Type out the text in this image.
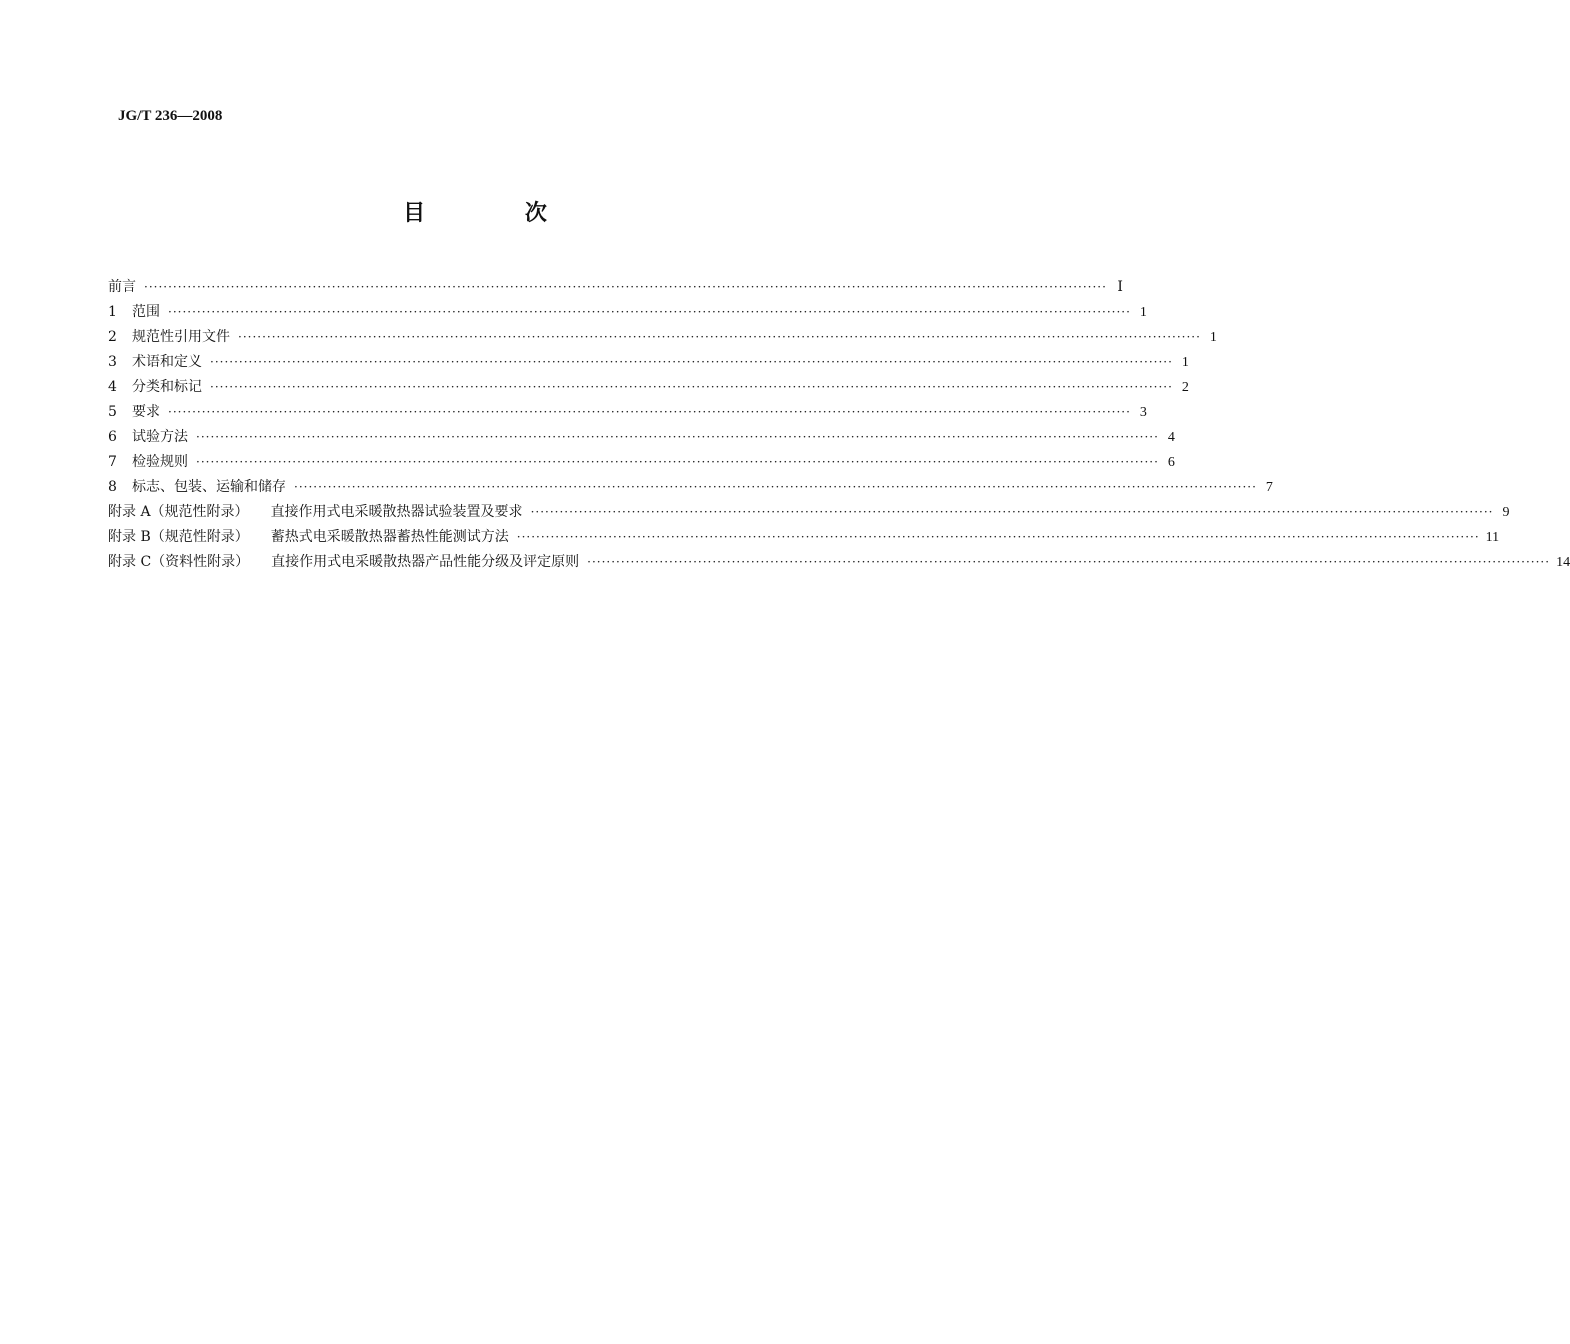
JG/T 236—2008
目 次
前言 ········································································································································································································ Ⅰ
1	范围 ········································································································································································································ 1
2	规范性引用文件 ········································································································································································································ 1
3	术语和定义 ········································································································································································································ 1
4	分类和标记 ········································································································································································································ 2
5	要求 ········································································································································································································ 3
6	试验方法 ········································································································································································································ 4
7	检验规则 ········································································································································································································ 6
8	标志、包装、运输和储存 ········································································································································································································ 7
附录 A（规范性附录） 直接作用式电采暖散热器试验装置及要求 ········································································································································································································ 9
附录 B（规范性附录） 蓄热式电采暖散热器蓄热性能测试方法 ········································································································································································································ 11
附录 C（资料性附录） 直接作用式电采暖散热器产品性能分级及评定原则 ········································································································································································································ 14
